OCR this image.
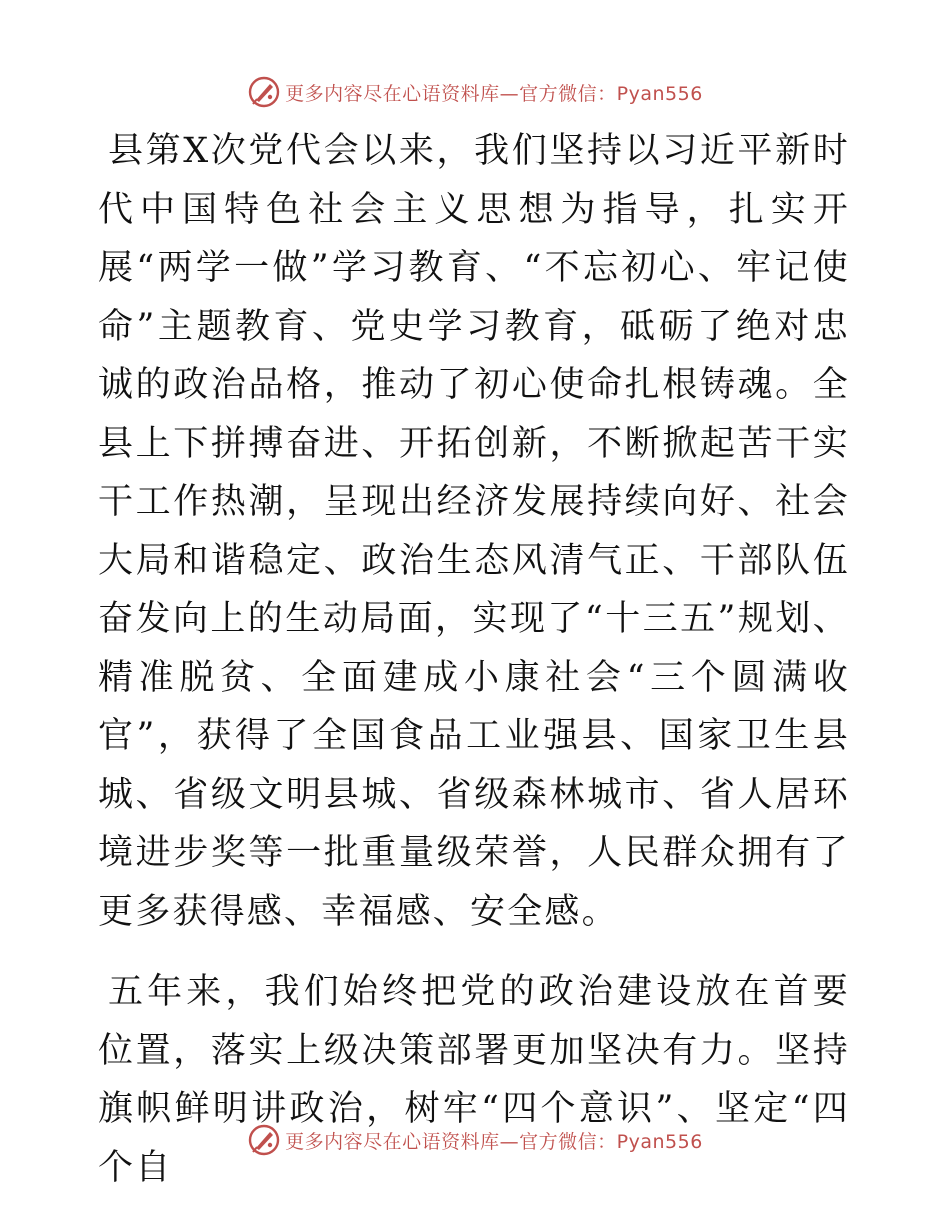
更多内容尽在心语资料库—官方微信：Pyan556

县第X次党代会以来，我们坚持以习近平新时代中国特色社会主义思想为指导，扎实开展“两学一做”学习教育、“不忘初心、牢记使命”主题教育、党史学习教育，砥砺了绝对忠诚的政治品格，推动了初心使命扎根铸魂。全县上下拼搏奋进、开拓创新，不断掀起苦干实干工作热潮，呈现出经济发展持续向好、社会大局和谐稳定、政治生态风清气正、干部队伍奋发向上的生动局面，实现了“十三五”规划、精准脱贫、全面建成小康社会“三个圆满收官”，获得了全国食品工业强县、国家卫生县城、省级文明县城、省级森林城市、省人居环境进步奖等一批重量级荣誉，人民群众拥有了更多获得感、幸福感、安全感。

五年来，我们始终把党的政治建设放在首要位置，落实上级决策部署更加坚决有力。坚持旗帜鲜明讲政治，树牢“四个意识”、坚定“四个自

更多内容尽在心语资料库—官方微信：Pyan556
